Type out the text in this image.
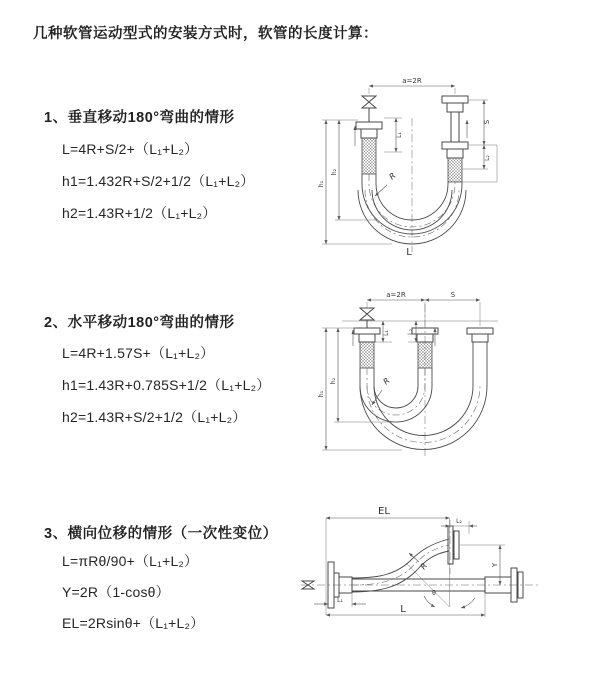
几种软管运动型式的安装方式时，软管的长度计算：
1、垂直移动180°弯曲的情形
L=4R+S/2+（L₁+L₂）
h1=1.432R+S/2+1/2（L₁+L₂）
h2=1.43R+1/2（L₁+L₂）
2、水平移动180°弯曲的情形
L=4R+1.57S+（L₁+L₂）
h1=1.43R+0.785S+1/2（L₁+L₂）
h2=1.43R+S/2+1/2（L₁+L₂）
3、横向位移的情形（一次性变位）
L=πRθ/90+（L₁+L₂）
Y=2R（1-cosθ）
EL=2Rsinθ+（L₁+L₂）
a=2R
L₁
S
L₂
h₁
h₂	R
L
a=2R	S
h₁
h₂
L₁	L₂
R
θ
R
EL
L₂
Y
L₁
L
